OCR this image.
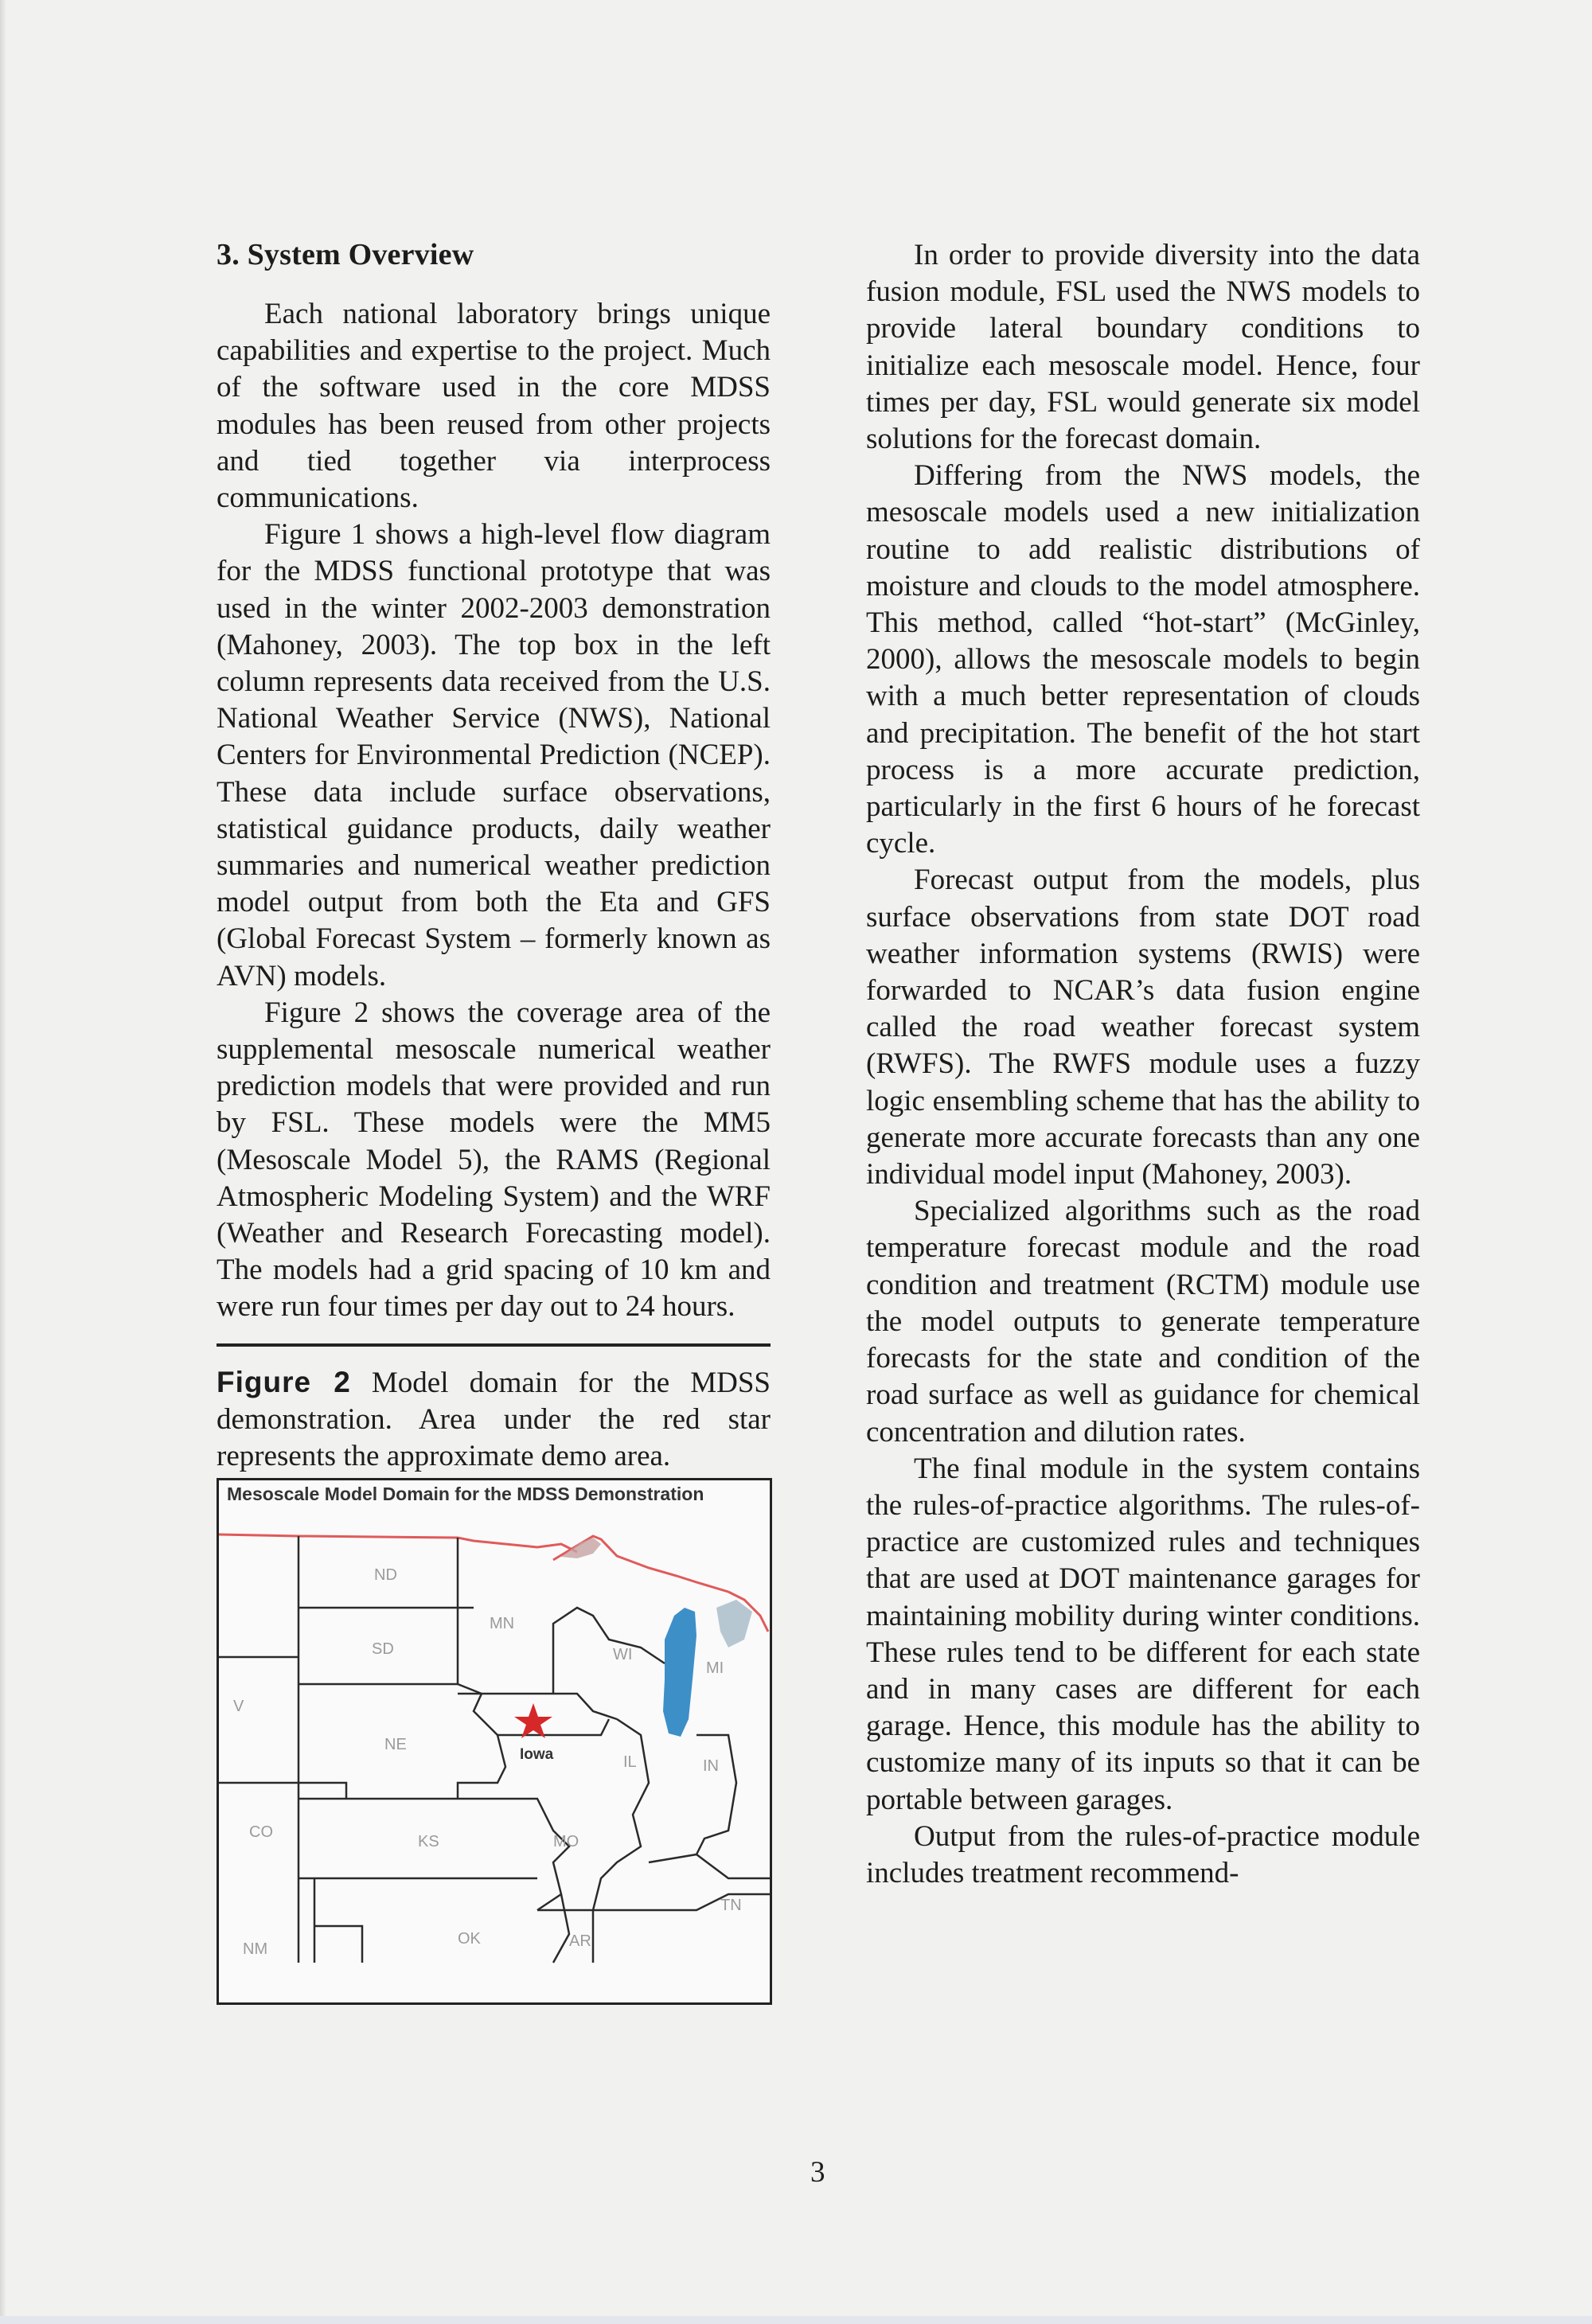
3. System Overview

Each national laboratory brings unique capabilities and expertise to the project. Much of the software used in the core MDSS modules has been reused from other projects and tied together via interprocess communications.

Figure 1 shows a high-level flow diagram for the MDSS functional prototype that was used in the winter 2002-2003 demonstration (Mahoney, 2003). The top box in the left column represents data received from the U.S. National Weather Service (NWS), National Centers for Environmental Prediction (NCEP). These data include surface observations, statistical guidance products, daily weather summaries and numerical weather prediction model output from both the Eta and GFS (Global Forecast System – formerly known as AVN) models.

Figure 2 shows the coverage area of the supplemental mesoscale numerical weather prediction models that were provided and run by FSL. These models were the MM5 (Mesoscale Model 5), the RAMS (Regional Atmospheric Modeling System) and the WRF (Weather and Research Forecasting model). The models had a grid spacing of 10 km and were run four times per day out to 24 hours.

Figure 2 Model domain for the MDSS demonstration. Area under the red star represents the approximate demo area.

Mesoscale Model Domain for the MDSS Demonstration
ND
MN
SD	WI
MI
NE
IL	IN
CO
KS	MO
TN
NM
OK	AR
V
Iowa

In order to provide diversity into the data fusion module, FSL used the NWS models to provide lateral boundary conditions to initialize each mesoscale model. Hence, four times per day, FSL would generate six model solutions for the forecast domain.

Differing from the NWS models, the mesoscale models used a new initialization routine to add realistic distributions of moisture and clouds to the model atmosphere. This method, called “hot-start” (McGinley, 2000), allows the mesoscale models to begin with a much better representation of clouds and precipitation. The benefit of the hot start process is a more accurate prediction, particularly in the first 6 hours of he forecast cycle.

Forecast output from the models, plus surface observations from state DOT road weather information systems (RWIS) were forwarded to NCAR’s data fusion engine called the road weather forecast system (RWFS). The RWFS module uses a fuzzy logic ensembling scheme that has the ability to generate more accurate forecasts than any one individual model input (Mahoney, 2003).

Specialized algorithms such as the road temperature forecast module and the road condition and treatment (RCTM) module use the model outputs to generate temperature forecasts for the state and condition of the road surface as well as guidance for chemical concentration and dilution rates.

The final module in the system contains the rules-of-practice algorithms. The rules-of-practice are customized rules and techniques that are used at DOT maintenance garages for maintaining mobility during winter conditions. These rules tend to be different for each state and in many cases are different for each garage. Hence, this module has the ability to customize many of its inputs so that it can be portable between garages.

Output from the rules-of-practice module includes treatment recommend-

3
